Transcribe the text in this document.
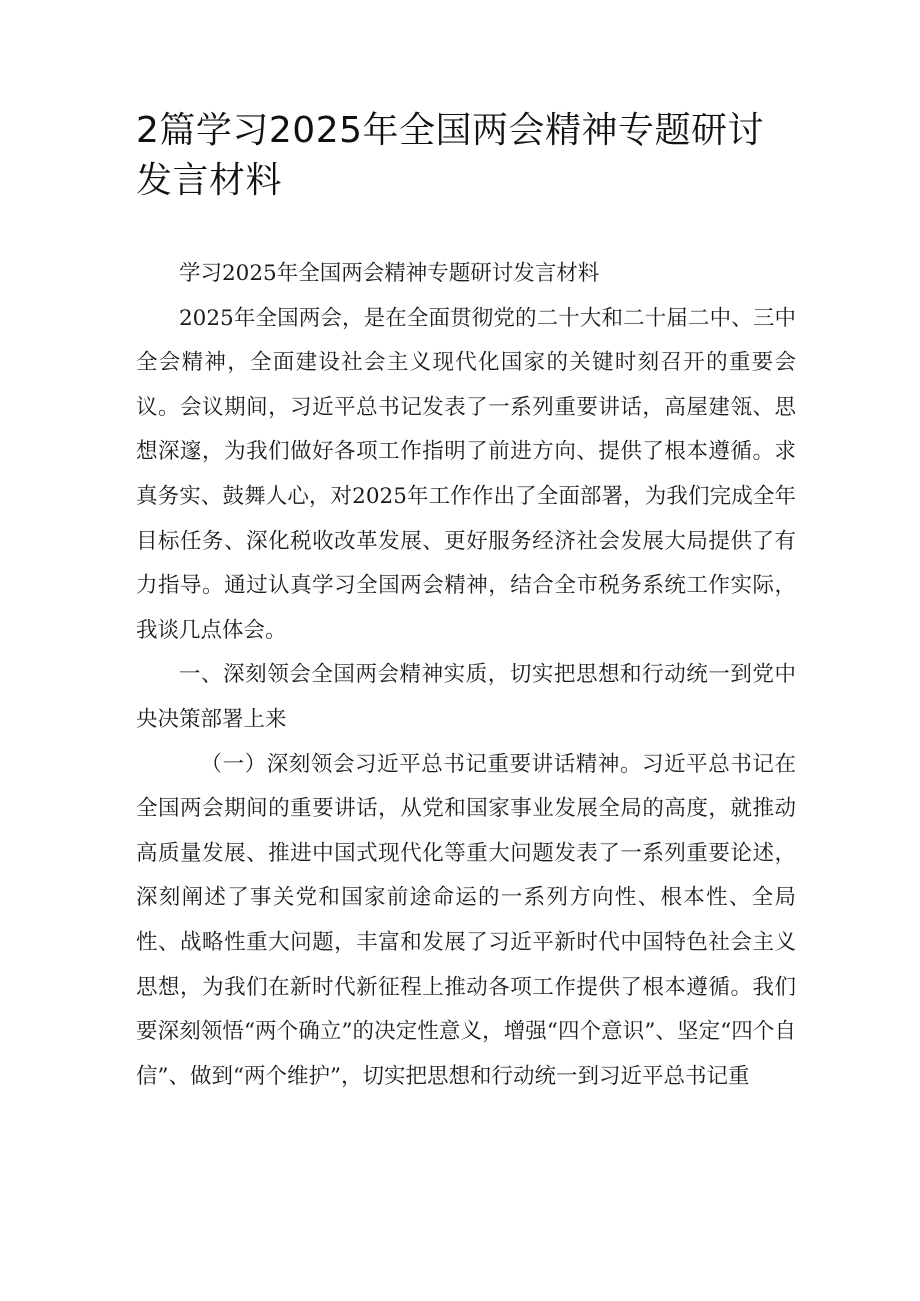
2篇学习2025年全国两会精神专题研讨发言材料

学习2025年全国两会精神专题研讨发言材料

2025年全国两会，是在全面贯彻党的二十大和二十届二中、三中全会精神，全面建设社会主义现代化国家的关键时刻召开的重要会议。会议期间，习近平总书记发表了一系列重要讲话，高屋建瓴、思想深邃，为我们做好各项工作指明了前进方向、提供了根本遵循。求真务实、鼓舞人心，对2025年工作作出了全面部署，为我们完成全年目标任务、深化税收改革发展、更好服务经济社会发展大局提供了有力指导。通过认真学习全国两会精神，结合全市税务系统工作实际，我谈几点体会。

一、深刻领会全国两会精神实质，切实把思想和行动统一到党中央决策部署上来

（一）深刻领会习近平总书记重要讲话精神。习近平总书记在全国两会期间的重要讲话，从党和国家事业发展全局的高度，就推动高质量发展、推进中国式现代化等重大问题发表了一系列重要论述，深刻阐述了事关党和国家前途命运的一系列方向性、根本性、全局性、战略性重大问题，丰富和发展了习近平新时代中国特色社会主义思想，为我们在新时代新征程上推动各项工作提供了根本遵循。我们要深刻领悟“两个确立”的决定性意义，增强“四个意识”、坚定“四个自信”、做到“两个维护”，切实把思想和行动统一到习近平总书记重
